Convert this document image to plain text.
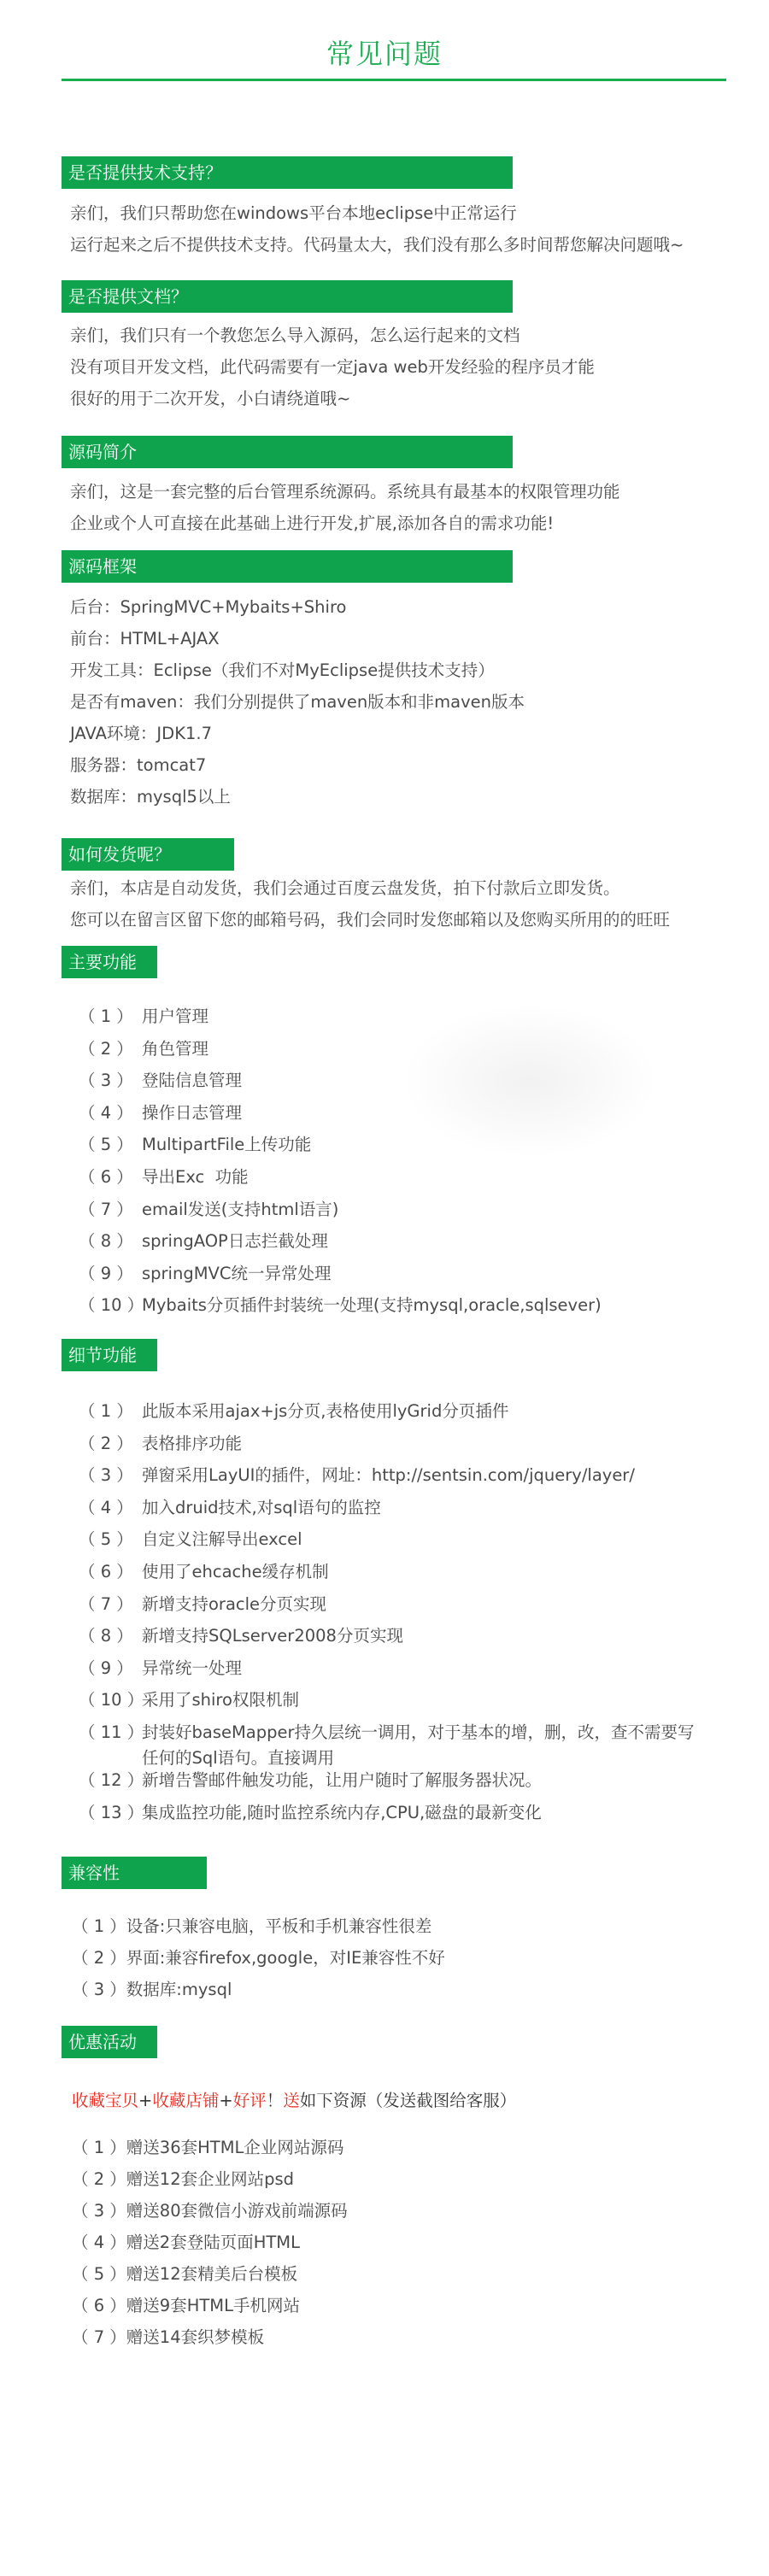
常见问题
是否提供技术支持？
亲们，我们只帮助您在windows平台本地eclipse中正常运行
运行起来之后不提供技术支持。代码量太大，我们没有那么多时间帮您解决问题哦~
是否提供文档？
亲们，我们只有一个教您怎么导入源码，怎么运行起来的文档
没有项目开发文档，此代码需要有一定java web开发经验的程序员才能
很好的用于二次开发，小白请绕道哦~
源码简介
亲们，这是一套完整的后台管理系统源码。系统具有最基本的权限管理功能
企业或个人可直接在此基础上进行开发,扩展,添加各自的需求功能!
源码框架
后台：SpringMVC+Mybaits+Shiro
前台：HTML+AJAX
开发工具：Eclipse（我们不对MyEclipse提供技术支持）
是否有maven：我们分别提供了maven版本和非maven版本
JAVA环境：JDK1.7
服务器：tomcat7
数据库：mysql5以上
如何发货呢？
亲们，本店是自动发货，我们会通过百度云盘发货，拍下付款后立即发货。
您可以在留言区留下您的邮箱号码，我们会同时发您邮箱以及您购买所用的的旺旺
主要功能
（ 1 ） 用户管理
（ 2 ） 角色管理
（ 3 ） 登陆信息管理
（ 4 ） 操作日志管理
（ 5 ） MultipartFile上传功能
（ 6 ） 导出Exc  功能
（ 7 ） email发送(支持html语言)
（ 8 ） springAOP日志拦截处理
（ 9 ） springMVC统一异常处理
（ 10 ）Mybaits分页插件封装统一处理(支持mysql,oracle,sqlsever)
细节功能
（ 1 ） 此版本采用ajax+js分页,表格使用lyGrid分页插件
（ 2 ） 表格排序功能
（ 3 ） 弹窗采用LayUI的插件，网址：http://sentsin.com/jquery/layer/
（ 4 ） 加入druid技术,对sql语句的监控
（ 5 ） 自定义注解导出excel
（ 6 ） 使用了ehcache缓存机制
（ 7 ） 新增支持oracle分页实现
（ 8 ） 新增支持SQLserver2008分页实现
（ 9 ） 异常统一处理
（ 10 ）采用了shiro权限机制
（ 11 ）封装好baseMapper持久层统一调用，对于基本的增，删，改，查不需要写任何的Sql语句。直接调用
（ 12 ）新增告警邮件触发功能，让用户随时了解服务器状况。
（ 13 ）集成监控功能,随时监控系统内存,CPU,磁盘的最新变化
兼容性
（ 1 ）设备:只兼容电脑，平板和手机兼容性很差
（ 2 ）界面:兼容firefox,google，对IE兼容性不好
（ 3 ）数据库:mysql
优惠活动
收藏宝贝+收藏店铺+好评！送如下资源（发送截图给客服）
（ 1 ）赠送36套HTML企业网站源码
（ 2 ）赠送12套企业网站psd
（ 3 ）赠送80套微信小游戏前端源码
（ 4 ）赠送2套登陆页面HTML
（ 5 ）赠送12套精美后台模板
（ 6 ）赠送9套HTML手机网站
（ 7 ）赠送14套织梦模板
